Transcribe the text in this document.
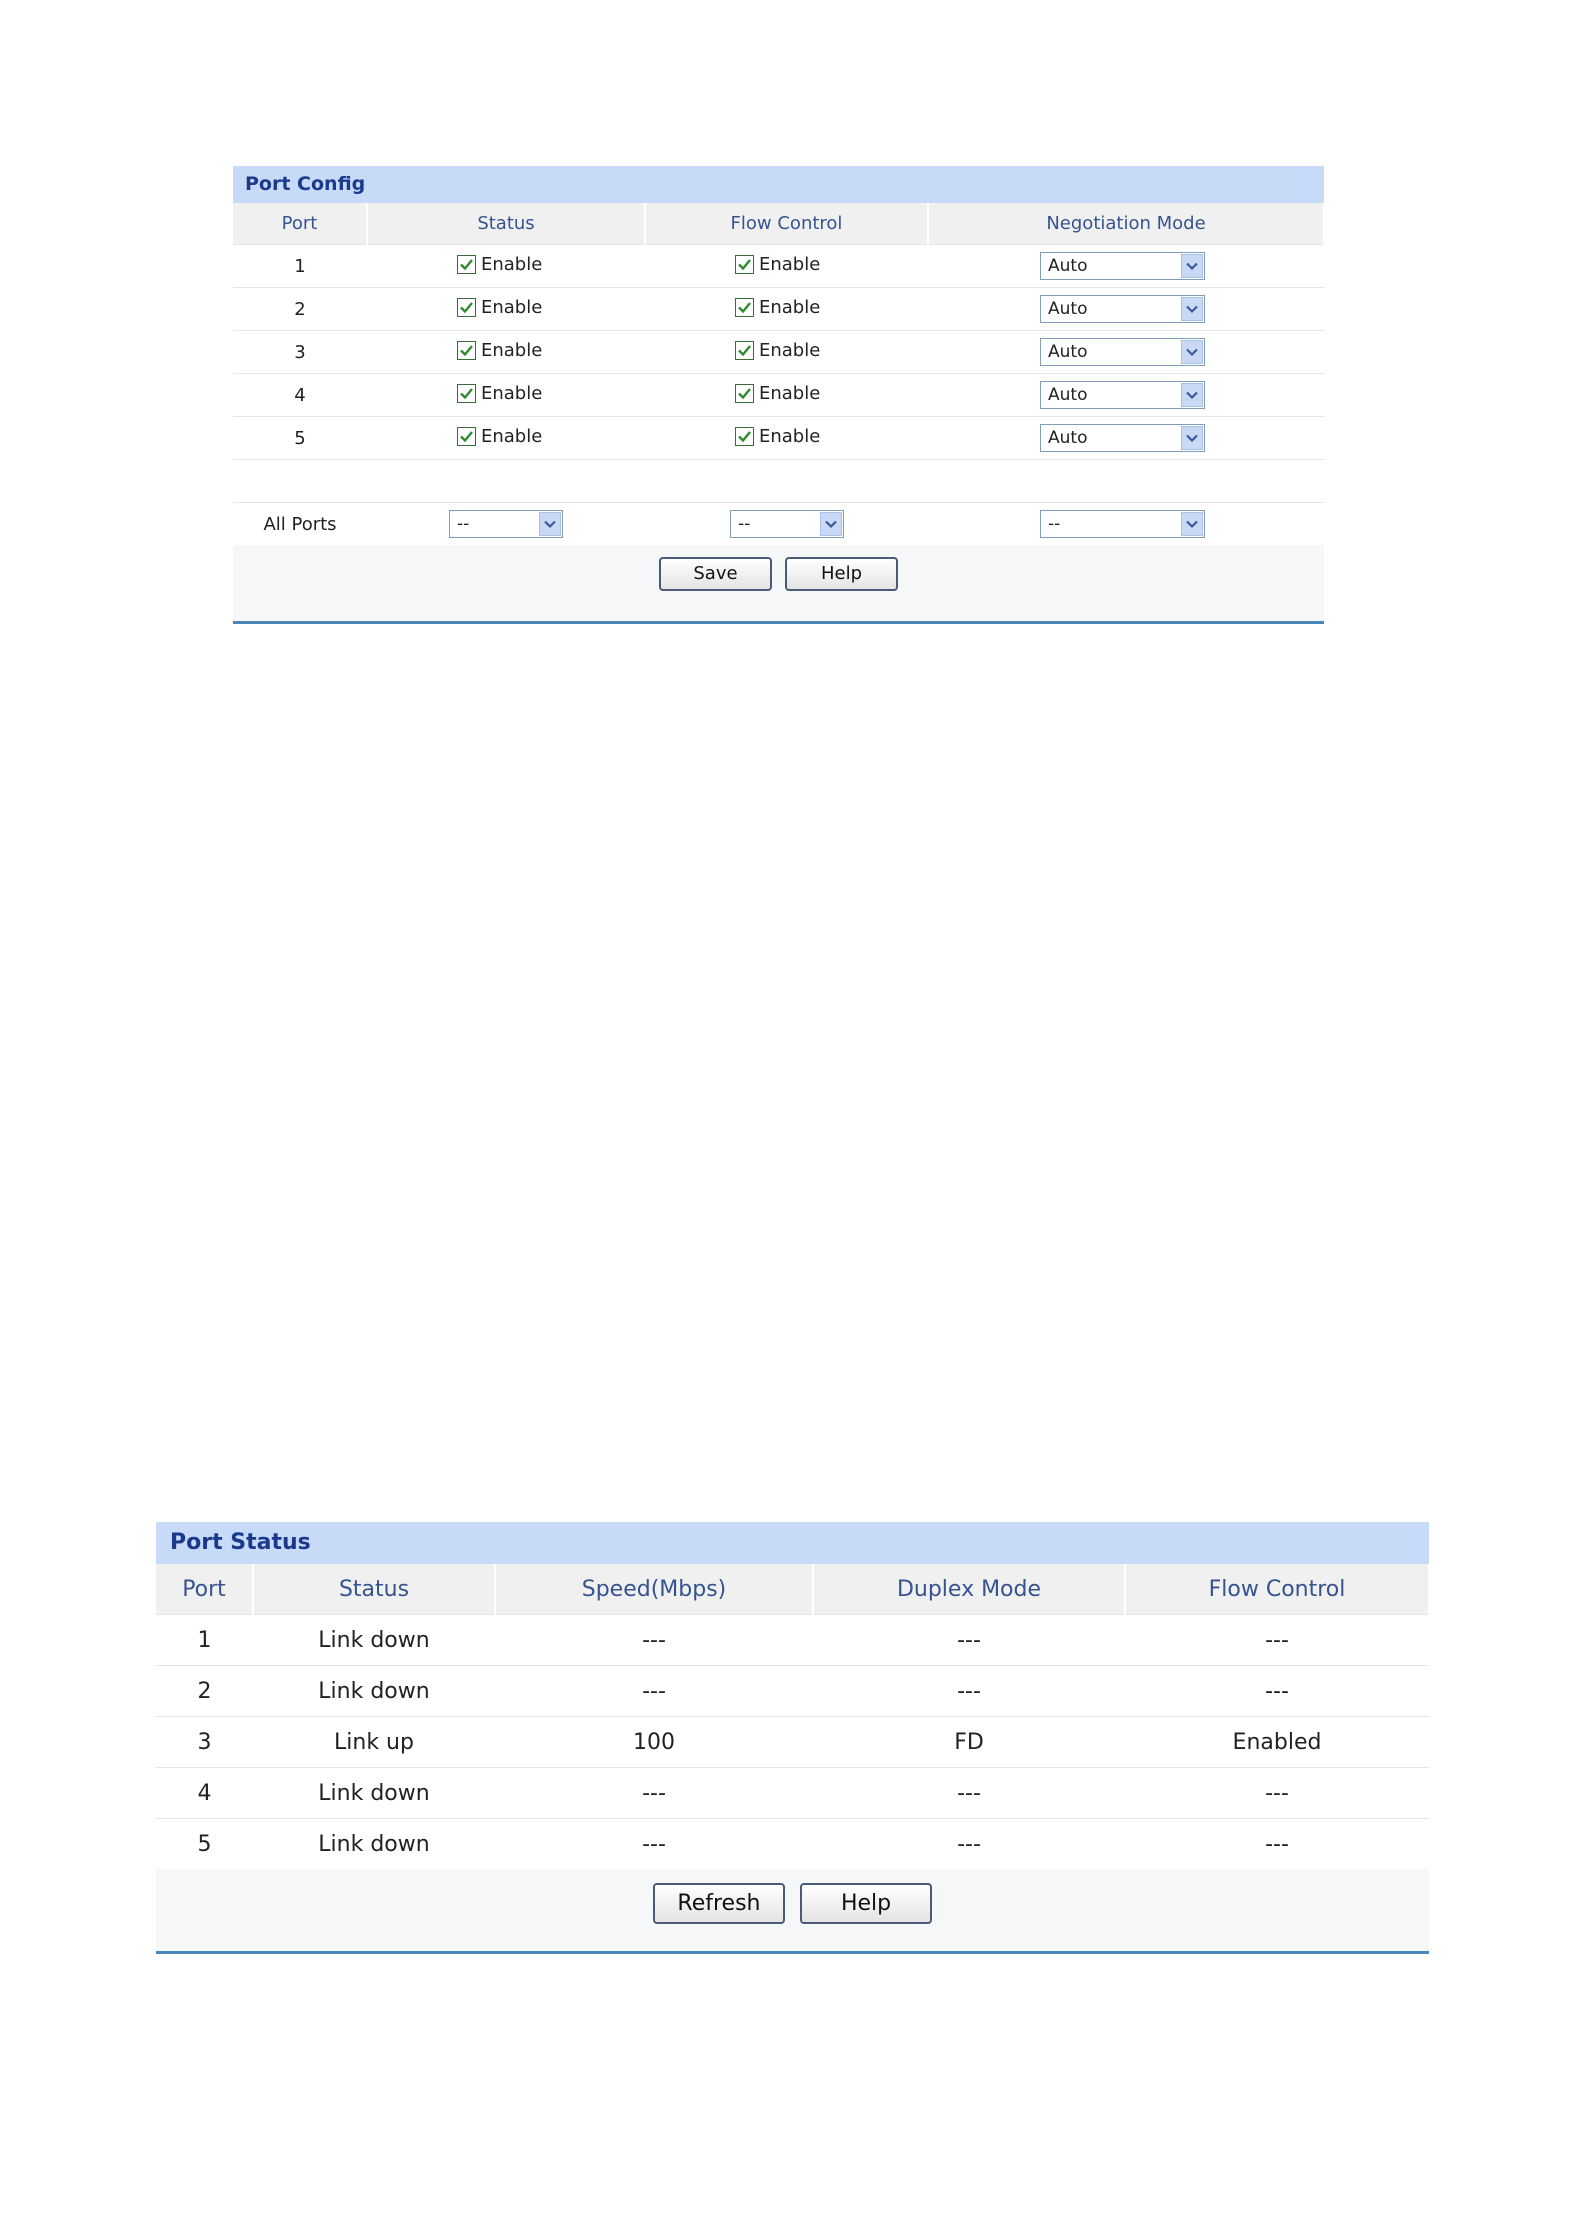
Port Config
Port	Status	Flow Control	Negotiation Mode
1	Enable	Enable	Auto

2	Enable	Enable	Auto

3	Enable	Enable	Auto

4	Enable	Enable	Auto

5	Enable	Enable	Auto

All Ports	--	--	--
Save	Help
Port Status
Port	Status	Speed(Mbps)	Duplex Mode	Flow Control
1	Link down	---	---	---
2	Link down	---	---	---
3	Link up	100	FD	Enabled
4	Link down	---	---	---
5	Link down	---	---	---
Refresh	Help
